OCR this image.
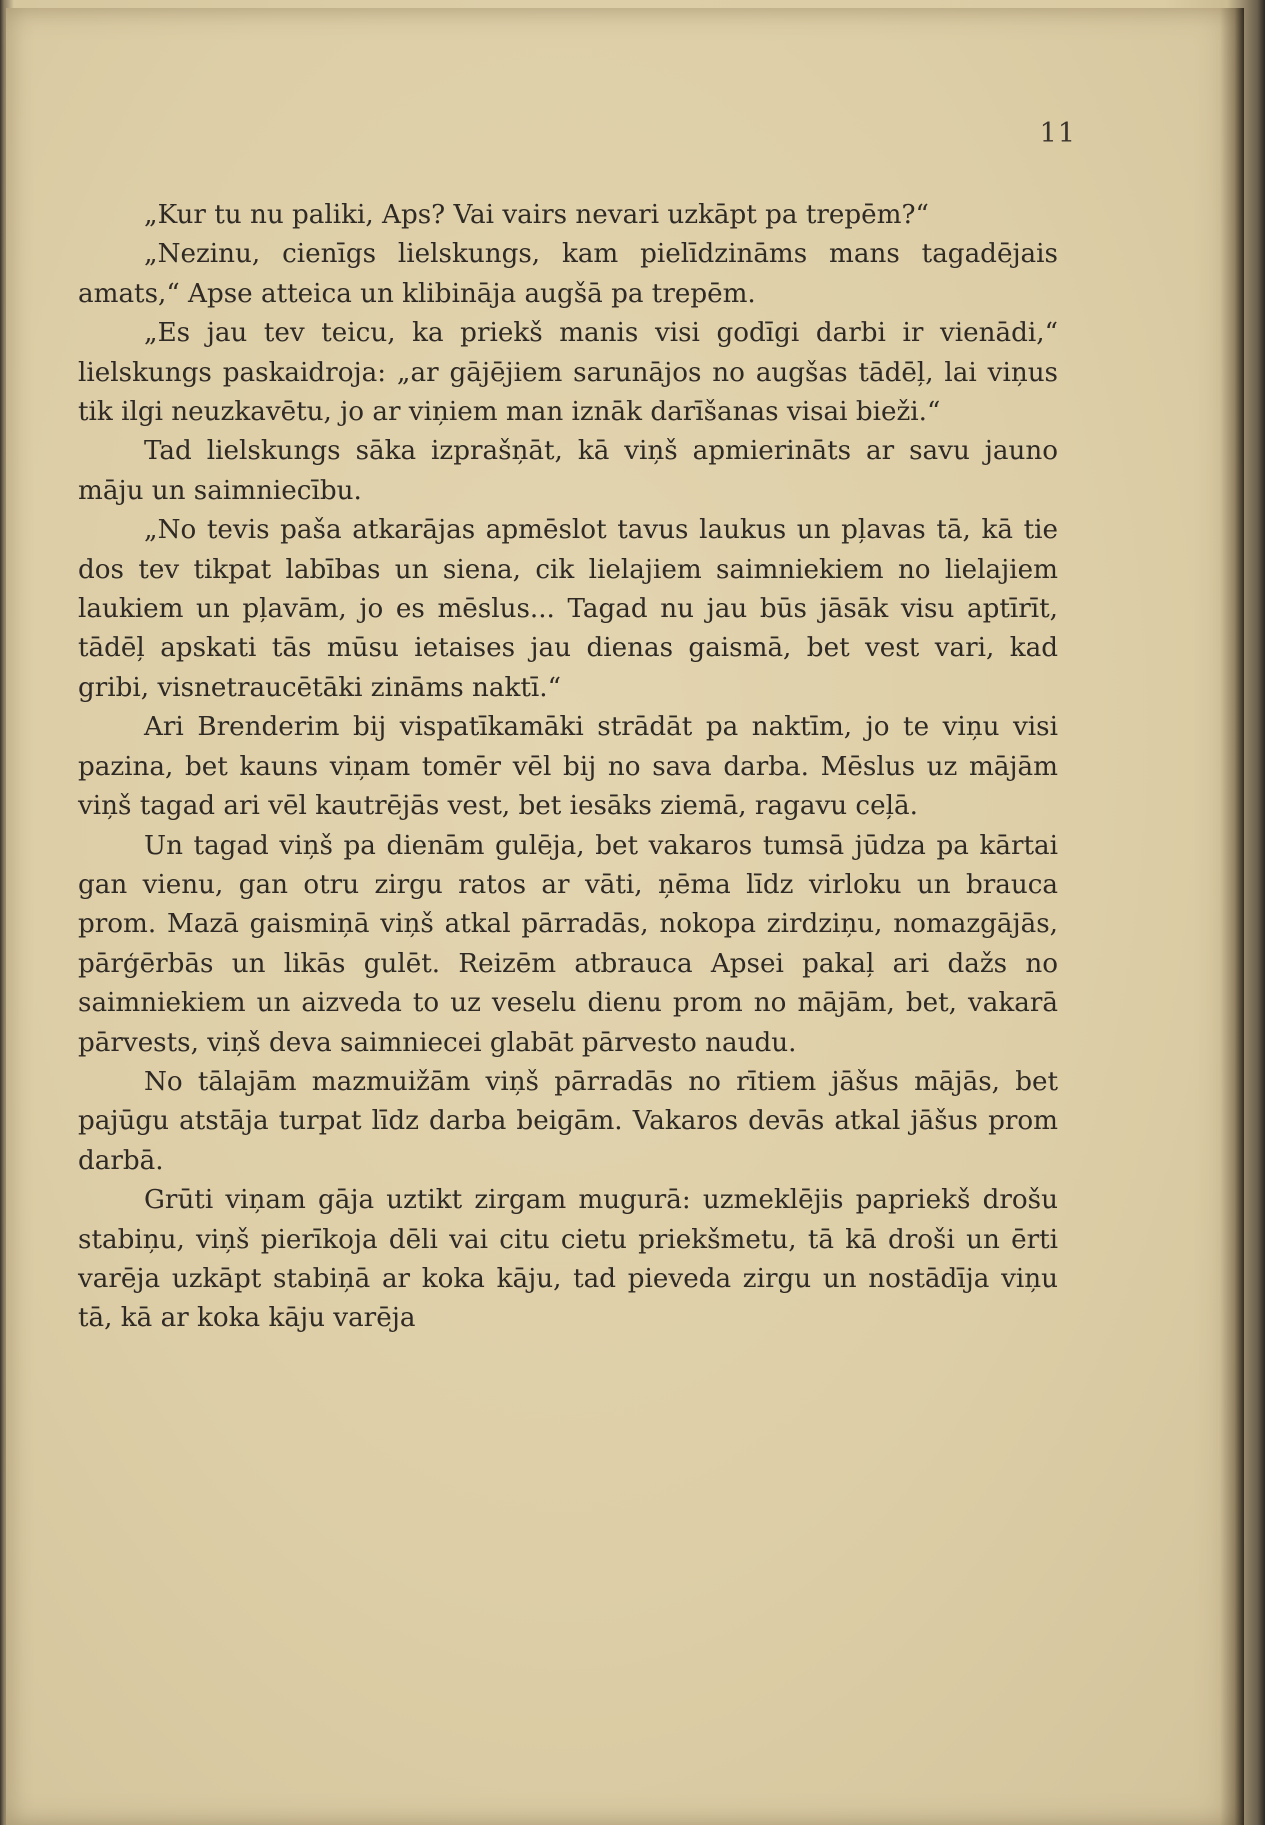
11

„Kur tu nu paliki, Aps? Vai vairs nevari uzkāpt pa trepēm?“

„Nezinu, cienīgs lielskungs, kam pielīdzināms mans tagadējais amats,“ Apse atteica un klibināja augšā pa trepēm.

„Es jau tev teicu, ka priekš manis visi godīgi darbi ir vienādi,“ lielskungs paskaidroja: „ar gājējiem sarunājos no augšas tādēļ, lai viņus tik ilgi neuzkavētu, jo ar viņiem man iznāk darīšanas visai bieži.“

Tad lielskungs sāka izprašņāt, kā viņš apmierināts ar savu jauno māju un saimniecību.

„No tevis paša atkarājas apmēslot tavus laukus un pļavas tā, kā tie dos tev tikpat labības un siena, cik lielajiem saimniekiem no lielajiem laukiem un pļavām, jo es mēslus... Tagad nu jau būs jāsāk visu aptīrīt, tādēļ apskati tās mūsu ietaises jau dienas gaismā, bet vest vari, kad gribi, visnetraucētāki zināms naktī.“

Ari Brenderim bij vispatīkamāki strādāt pa naktīm, jo te viņu visi pazina, bet kauns viņam tomēr vēl bij no sava darba. Mēslus uz mājām viņš tagad ari vēl kautrējās vest, bet iesāks ziemā, ragavu ceļā.

Un tagad viņš pa dienām gulēja, bet vakaros tumsā jūdza pa kārtai gan vienu, gan otru zirgu ratos ar vāti, ņēma līdz virloku un brauca prom. Mazā gaismiņā viņš atkal pārradās, nokopa zirdziņu, nomazgājās, pārģērbās un likās gulēt. Reizēm atbrauca Apsei pakaļ ari dažs no saimniekiem un aizveda to uz veselu dienu prom no mājām, bet, vakarā pārvests, viņš deva saimniecei glabāt pārvesto naudu.

No tālajām mazmuižām viņš pārradās no rītiem jāšus mājās, bet pajūgu atstāja turpat līdz darba beigām. Vakaros devās atkal jāšus prom darbā.

Grūti viņam gāja uztikt zirgam mugurā: uzmeklējis papriekš drošu stabiņu, viņš pierīkoja dēli vai citu cietu priekšmetu, tā kā droši un ērti varēja uzkāpt stabiņā ar koka kāju, tad pieveda zirgu un nostādīja viņu tā, kā ar koka kāju varēja
